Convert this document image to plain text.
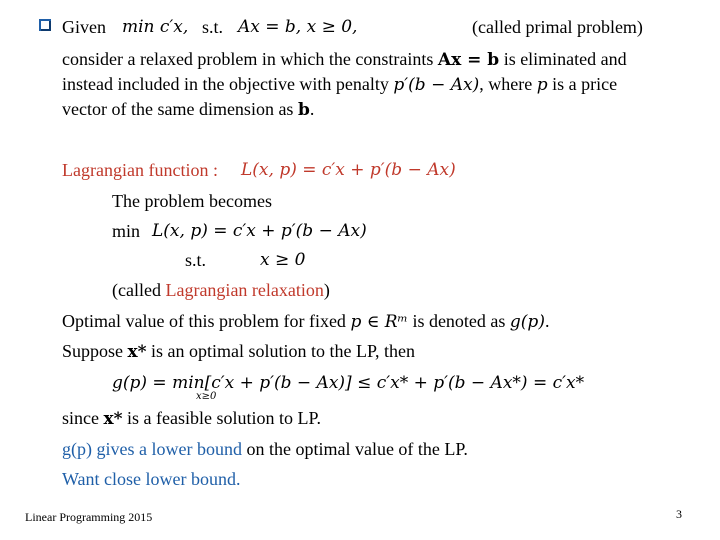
Given min c′x, s.t. Ax = b, x ≥ 0,	(called primal problem)
consider a relaxed problem in which the constraints Ax = b is eliminated and
instead included in the objective with penalty p′(b − Ax), where p is a price
vector of the same dimension as b.
Lagrangian function : L(x, p) = c′x + p′(b − Ax)
The problem becomes
min L(x, p) = c′x + p′(b − Ax)
s.t.	x ≥ 0
(called Lagrangian relaxation)
Optimal value of this problem for fixed p ∈ Rᵐ is denoted as g(p).
Suppose x* is an optimal solution to the LP, then
g(p) = min[c′x + p′(b − Ax)] ≤ c′x* + p′(b − Ax*) = c′x*
x≥0
since x* is a feasible solution to LP.
g(p) gives a lower bound on the optimal value of the LP.
Want close lower bound.
Linear Programming 2015	3
